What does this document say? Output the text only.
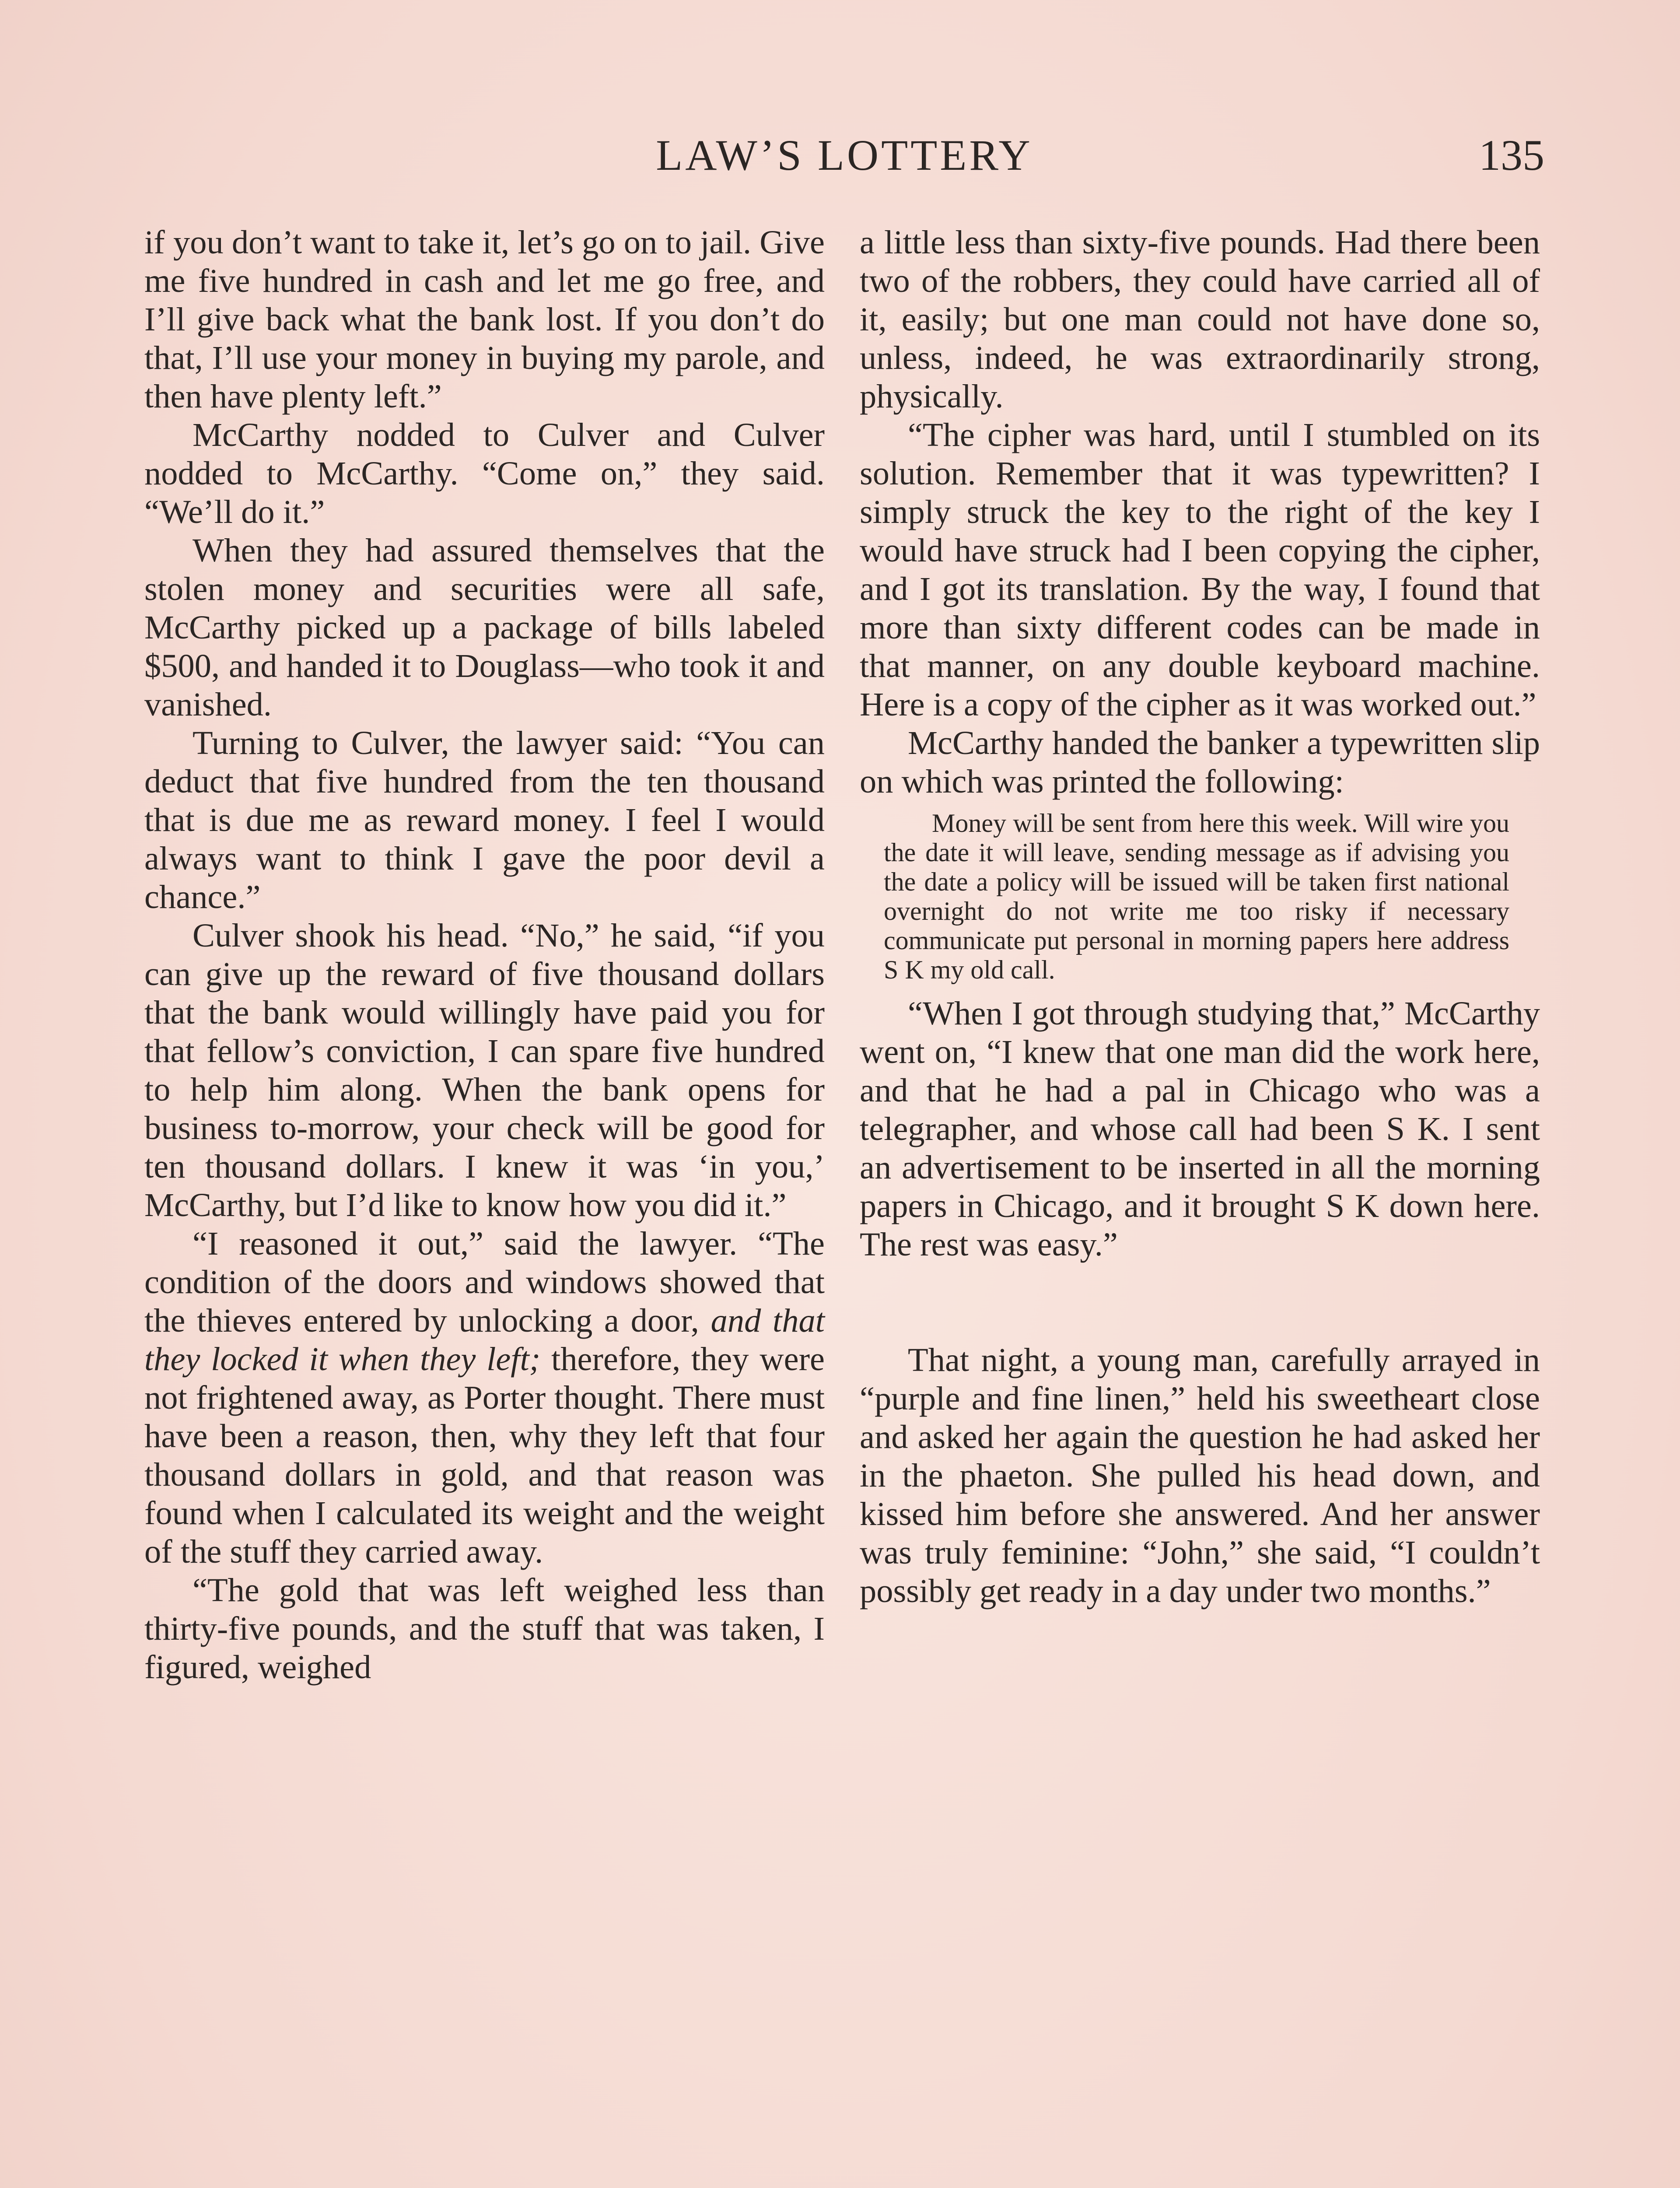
LAW’S LOTTERY	135

if you don’t want to take it, let’s go on to jail. Give me five hundred in cash and let me go free, and I’ll give back what the bank lost. If you don’t do that, I’ll use your money in buying my parole, and then have plenty left.”

McCarthy nodded to Culver and Culver nodded to McCarthy. “Come on,” they said. “We’ll do it.”

When they had assured themselves that the stolen money and securities were all safe, McCarthy picked up a package of bills labeled $500, and handed it to Douglass—who took it and vanished.

Turning to Culver, the lawyer said: “You can deduct that five hundred from the ten thousand that is due me as reward money. I feel I would always want to think I gave the poor devil a chance.”

Culver shook his head. “No,” he said, “if you can give up the reward of five thousand dollars that the bank would willingly have paid you for that fellow’s conviction, I can spare five hundred to help him along. When the bank opens for business to-morrow, your check will be good for ten thousand dollars. I knew it was ‘in you,’ McCarthy, but I’d like to know how you did it.”

“I reasoned it out,” said the lawyer. “The condition of the doors and windows showed that the thieves entered by unlocking a door, and that they locked it when they left; therefore, they were not frightened away, as Porter thought. There must have been a reason, then, why they left that four thousand dollars in gold, and that reason was found when I calculated its weight and the weight of the stuff they carried away.

“The gold that was left weighed less than thirty-five pounds, and the stuff that was taken, I figured, weighed

a little less than sixty-five pounds. Had there been two of the robbers, they could have carried all of it, easily; but one man could not have done so, unless, indeed, he was extraordinarily strong, physically.

“The cipher was hard, until I stumbled on its solution. Remember that it was typewritten? I simply struck the key to the right of the key I would have struck had I been copying the cipher, and I got its translation. By the way, I found that more than sixty different codes can be made in that manner, on any double keyboard machine. Here is a copy of the cipher as it was worked out.”

McCarthy handed the banker a typewritten slip on which was printed the following:

Money will be sent from here this week. Will wire you the date it will leave, sending message as if advising you the date a policy will be issued will be taken first national overnight do not write me too risky if necessary communicate put personal in morning papers here address S K my old call.

“When I got through studying that,” McCarthy went on, “I knew that one man did the work here, and that he had a pal in Chicago who was a telegrapher, and whose call had been S K. I sent an advertisement to be inserted in all the morning papers in Chicago, and it brought S K down here. The rest was easy.”

That night, a young man, carefully arrayed in “purple and fine linen,” held his sweetheart close and asked her again the question he had asked her in the phaeton. She pulled his head down, and kissed him before she answered. And her answer was truly feminine: “John,” she said, “I couldn’t possibly get ready in a day under two months.”
